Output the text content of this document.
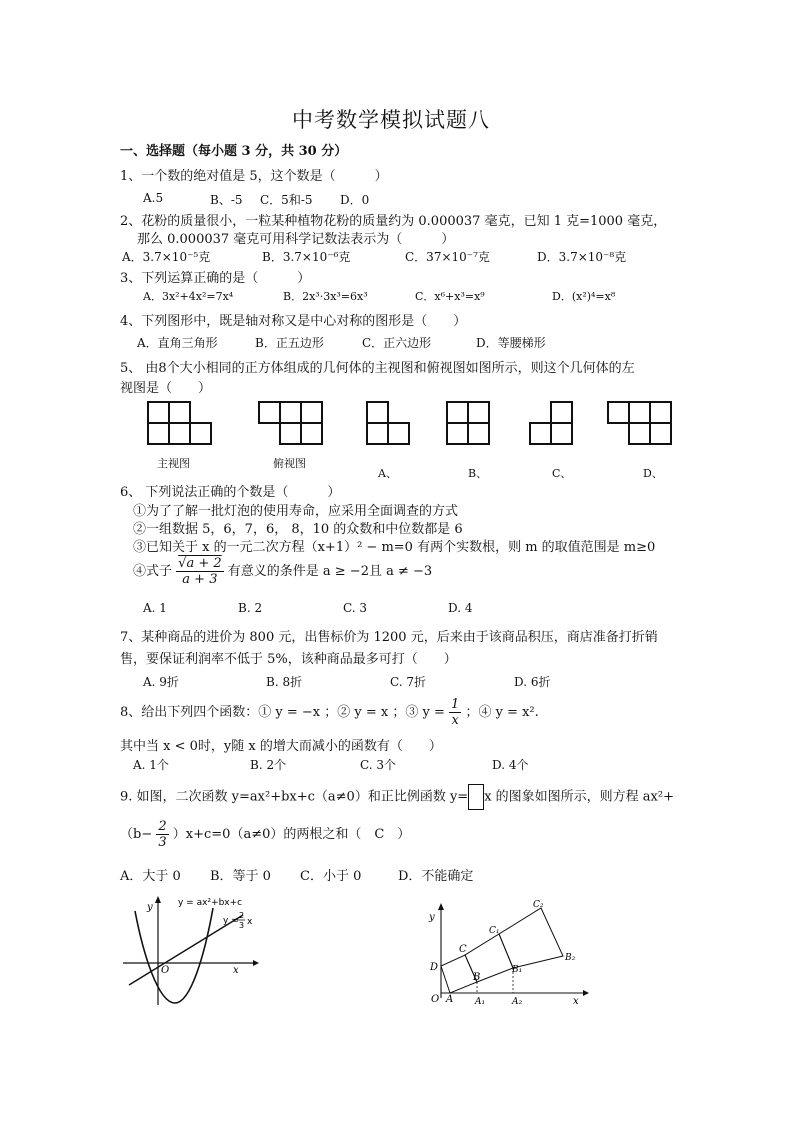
中考数学模拟试题八
一、选择题（每小题 3 分，共 30 分）
1、一个数的绝对值是 5，这个数是（　　　）
A.5	B、-5 C．5和-5 D．0
2、花粉的质量很小，一粒某种植物花粉的质量约为 0.000037 毫克，已知 1 克=1000 毫克，
那么 0.000037 毫克可用科学记数法表示为（　　　）
A．3.7×10⁻⁵克	B．3.7×10⁻⁶克	C．37×10⁻⁷克	D．3.7×10⁻⁸克
3、下列运算正确的是（　　　）
A．3x²+4x²=7x⁴	B．2x³·3x³=6x³	C．x⁶+x³=x⁹	D．(x²)⁴=x⁸
4、下列图形中，既是轴对称又是中心对称的图形是（　　）
A．直角三角形	B．正五边形	C．正六边形	D．等腰梯形
5、 由8个大小相同的正方体组成的几何体的主视图和俯视图如图所示，则这个几何体的左
视图是（　　）
主视图	俯视图
A、	B、	C、	D、
6、 下列说法正确的个数是（　　　）
①为了了解一批灯泡的使用寿命，应采用全面调查的方式
②一组数据 5，6，7，6， 8，10 的众数和中位数都是 6
③已知关于 x 的一元二次方程（x+1）² − m=0 有两个实数根，则 m 的取值范围是 m≥0
④式子 $\frac{√a + 2}{a + 3}$ 有意义的条件是 a ≥ −2且 a ≠ −3
A. 1	B. 2	C. 3	D. 4
7、某种商品的进价为 800 元，出售标价为 1200 元，后来由于该商品积压，商店准备打折销
售，要保证利润率不低于 5%，该种商品最多可打（　　）
A. 9折	B. 8折	C. 7折	D. 6折
8、给出下列四个函数：① y = −x ；② y = x ；③ $y = \frac{1}{x}$ ；④ y = x².
其中当 x < 0时，y随 x 的增大而减小的函数有（　　）
A. 1个	B. 2个	C. 3个	D. 4个
9. 如图，二次函数 y=ax²+bx+c（a≠0）和正比例函数 y= x 的图象如图所示，则方程 ax²+
$(b- \frac{2}{3} )x+c=0(a\ne 0)$的两根之和（　C　）
A．大于 0 B．等于 0 C．小于 0	D．不能确定
y
x
O
y = ax²+bx+c
y =
2
3 x	y
x
O
D
A
C
B
A₁
C₁
B₁
A₂
C₂
B₂
